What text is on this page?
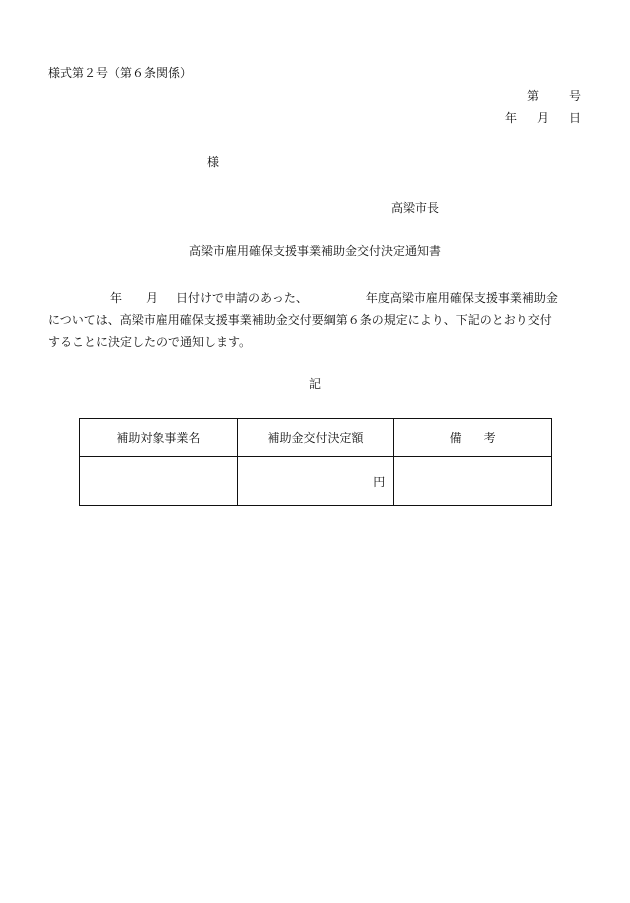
様式第２号（第６条関係）
第	号
年 月 日
様
高梁市長
高梁市雇用確保支援事業補助金交付決定通知書
年 月 日付けで申請のあった、	年度高梁市雇用確保支援事業補助金
については、高梁市雇用確保支援事業補助金交付要綱第６条の規定により、下記のとおり交付
することに決定したので通知します。
記
補助対象事業名	補助金交付決定額	備 考
	円	
